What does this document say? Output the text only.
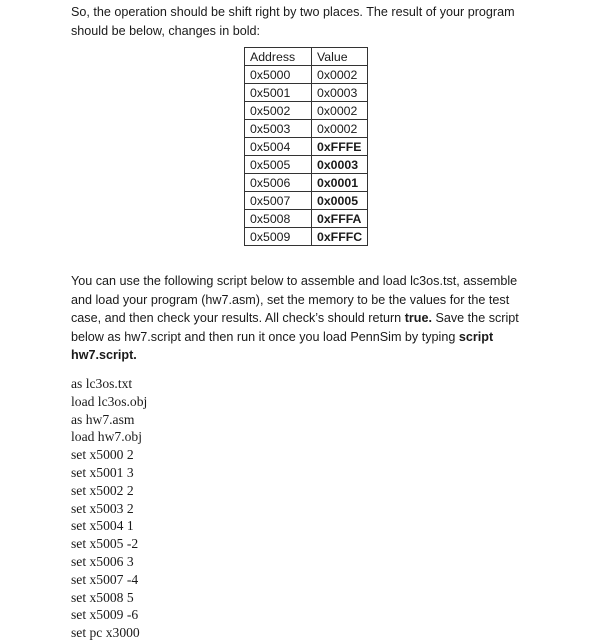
So, the operation should be shift right by two places. The result of your program
should be below, changes in bold:

Address	Value
0x5000	0x0002
0x5001	0x0003
0x5002	0x0002
0x5003	0x0002
0x5004	0xFFFE
0x5005	0x0003
0x5006	0x0001
0x5007	0x0005
0x5008	0xFFFA
0x5009	0xFFFC

You can use the following script below to assemble and load lc3os.tst, assemble
and load your program (hw7.asm), set the memory to be the values for the test
case, and then check your results. All check’s should return true. Save the script
below as hw7.script and then run it once you load PennSim by typing script
hw7.script.

as lc3os.txt
load lc3os.obj
as hw7.asm
load hw7.obj
set x5000 2
set x5001 3
set x5002 2
set x5003 2
set x5004 1
set x5005 -2
set x5006 3
set x5007 -4
set x5008 5
set x5009 -6
set pc x3000
